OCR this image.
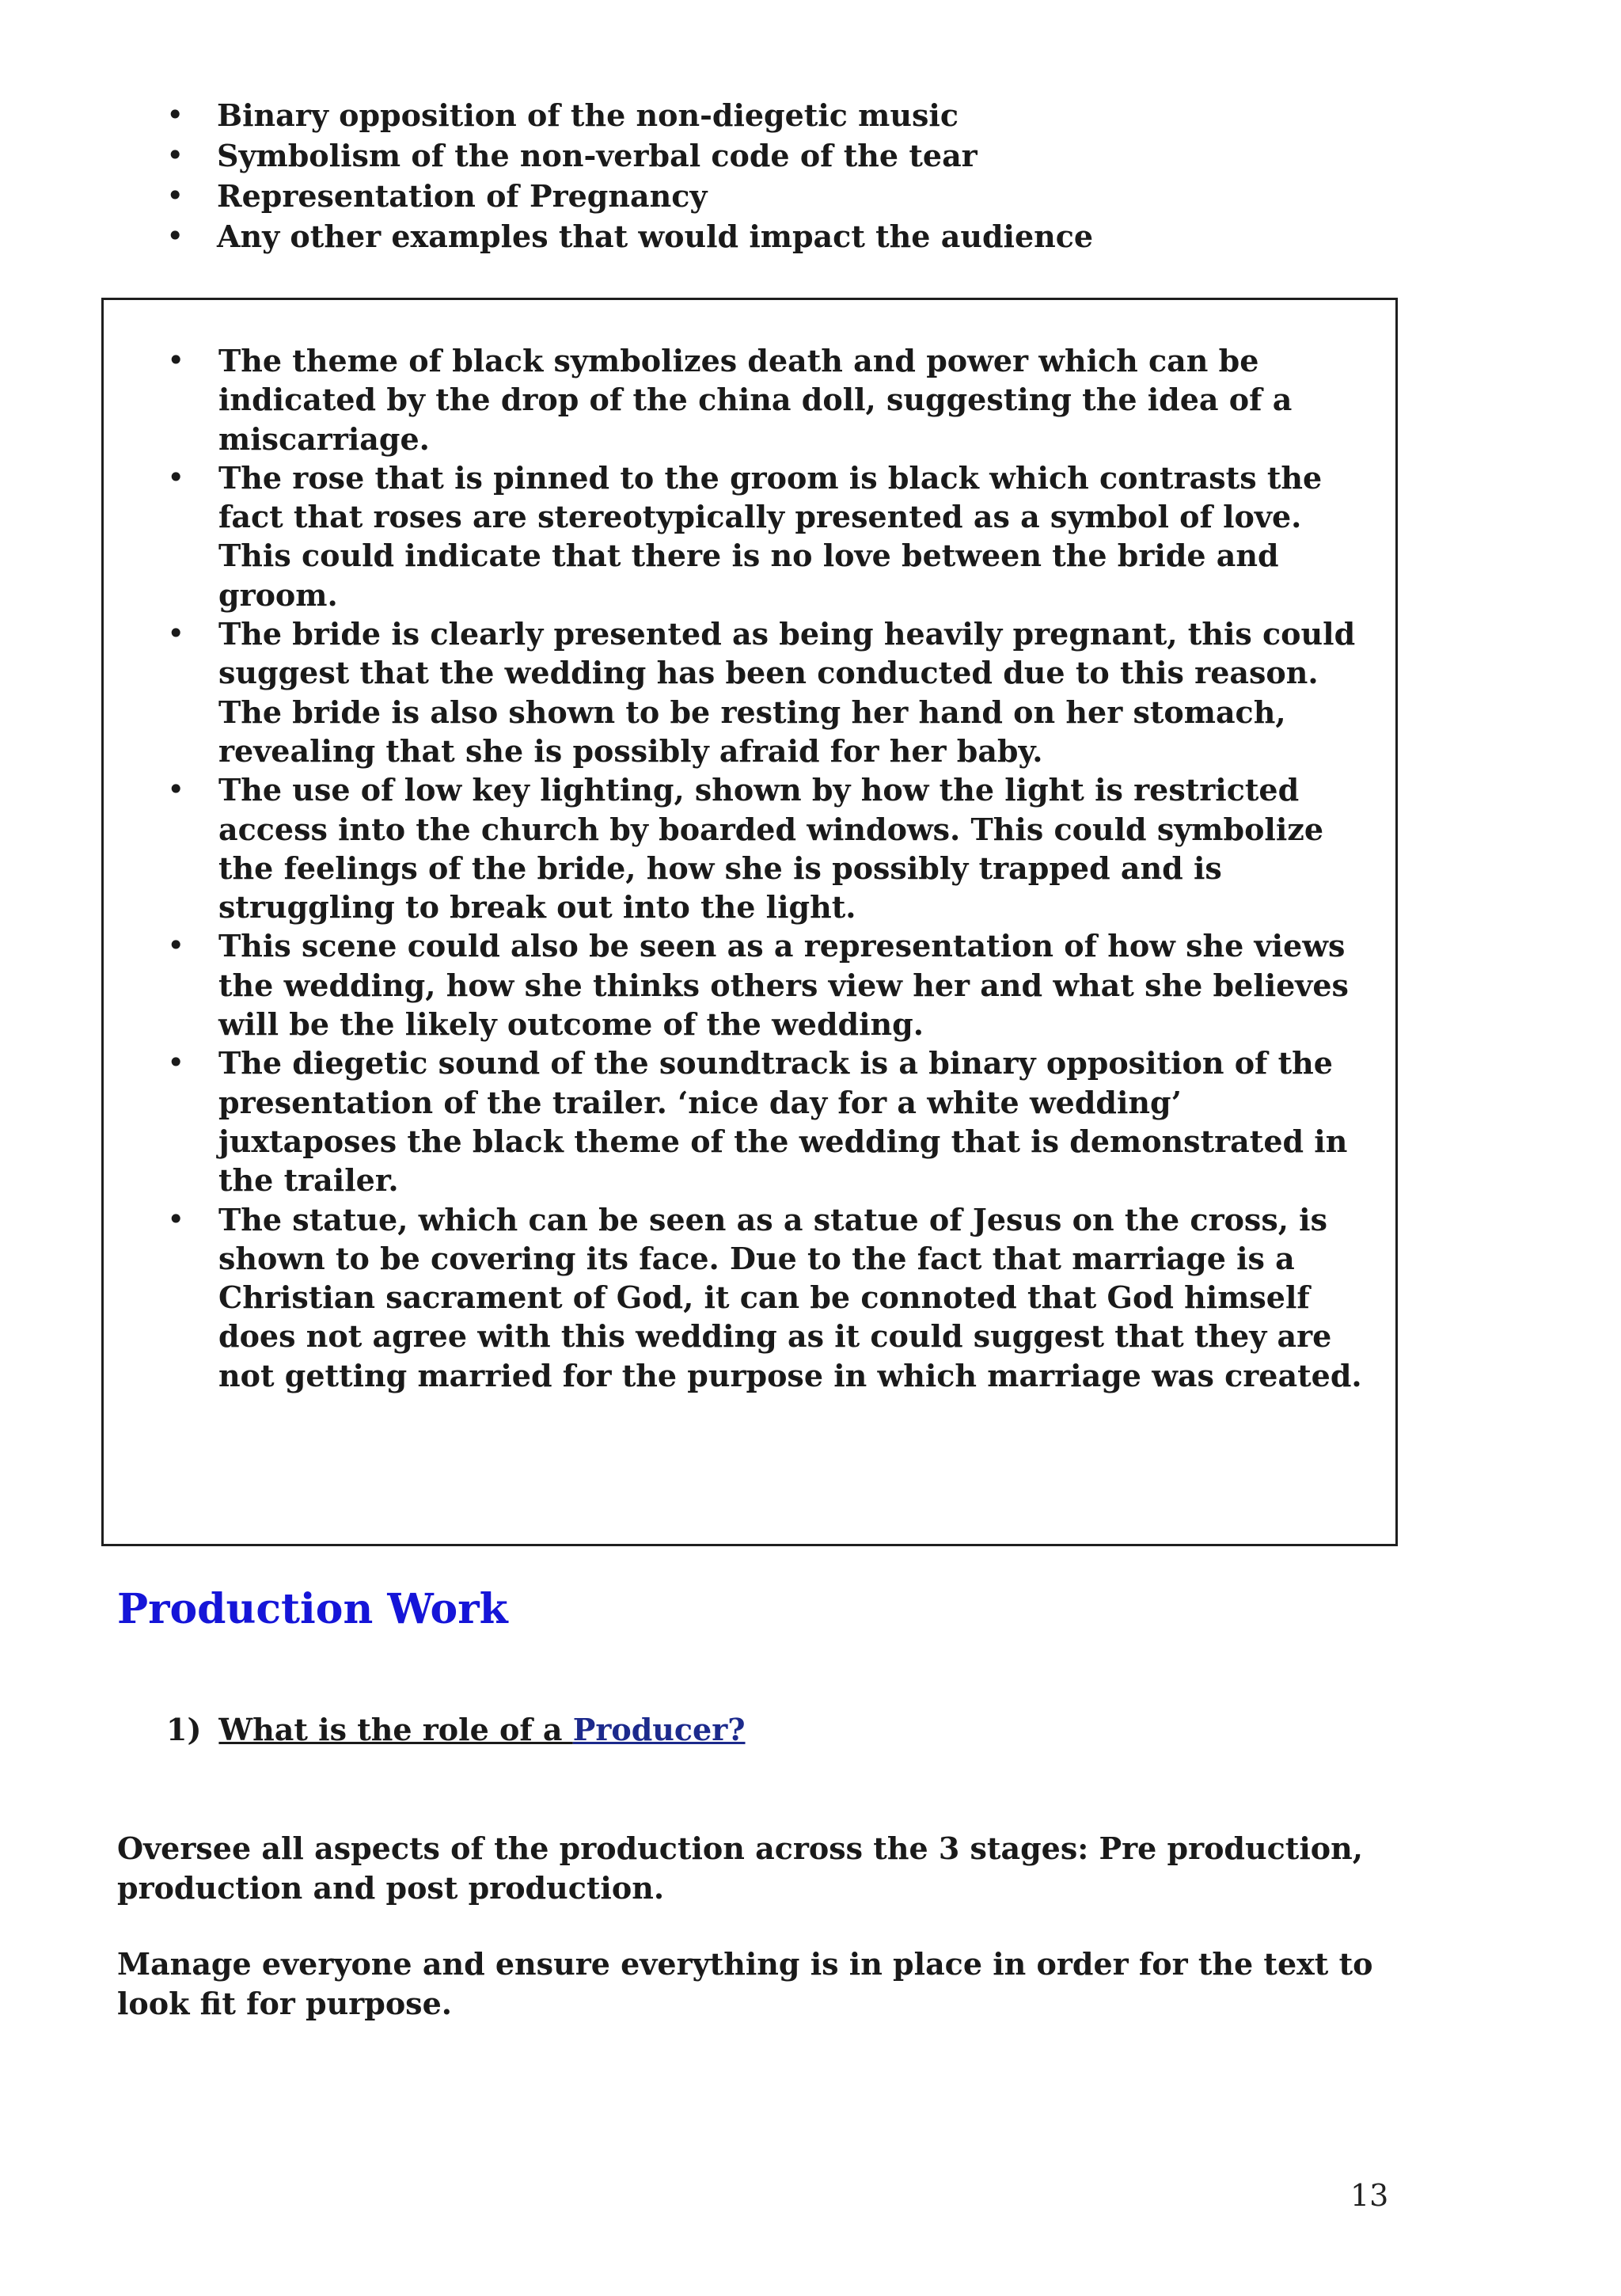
• Binary opposition of the non-diegetic music
• Symbolism of the non-verbal code of the tear
• Representation of Pregnancy
• Any other examples that would impact the audience
• The theme of black symbolizes death and power which can be indicated by the drop of the china doll, suggesting the idea of a miscarriage.
• The rose that is pinned to the groom is black which contrasts the fact that roses are stereotypically presented as a symbol of love. This could indicate that there is no love between the bride and groom.
• The bride is clearly presented as being heavily pregnant, this could suggest that the wedding has been conducted due to this reason. The bride is also shown to be resting her hand on her stomach, revealing that she is possibly afraid for her baby.
• The use of low key lighting, shown by how the light is restricted access into the church by boarded windows. This could symbolize the feelings of the bride, how she is possibly trapped and is struggling to break out into the light.
• This scene could also be seen as a representation of how she views the wedding, how she thinks others view her and what she believes will be the likely outcome of the wedding.
• The diegetic sound of the soundtrack is a binary opposition of the presentation of the trailer. ‘nice day for a white wedding’ juxtaposes the black theme of the wedding that is demonstrated in the trailer.
• The statue, which can be seen as a statue of Jesus on the cross, is shown to be covering its face. Due to the fact that marriage is a Christian sacrament of God, it can be connoted that God himself does not agree with this wedding as it could suggest that they are not getting married for the purpose in which marriage was created.
Production Work
1) What is the role of a Producer?

Oversee all aspects of the production across the 3 stages: Pre production, production and post production.

Manage everyone and ensure everything is in place in order for the text to look fit for purpose.

13
